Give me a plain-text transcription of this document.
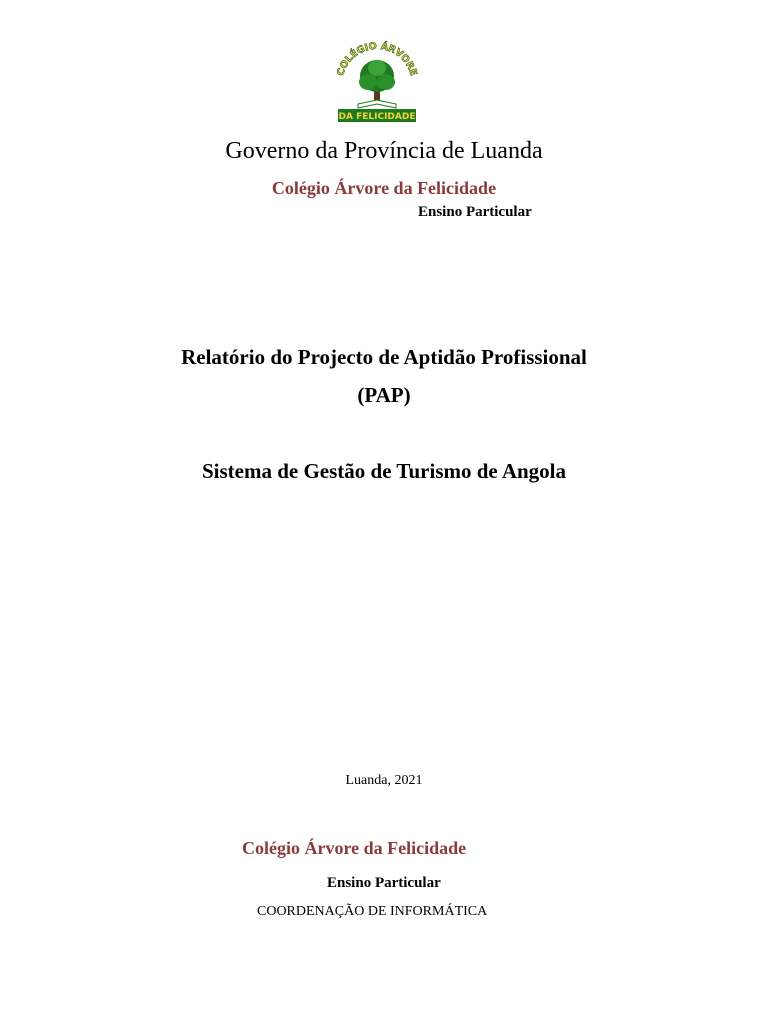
COLÉGIO ÁRVORE
DA FELICIDADE
Governo da Província de Luanda
Colégio Árvore da Felicidade
Ensino Particular
Relatório do Projecto de Aptidão Profissional
(PAP)
Sistema de Gestão de Turismo de Angola
Luanda, 2021
Colégio Árvore da Felicidade
Ensino Particular
COORDENAÇÃO DE INFORMÁTICA
